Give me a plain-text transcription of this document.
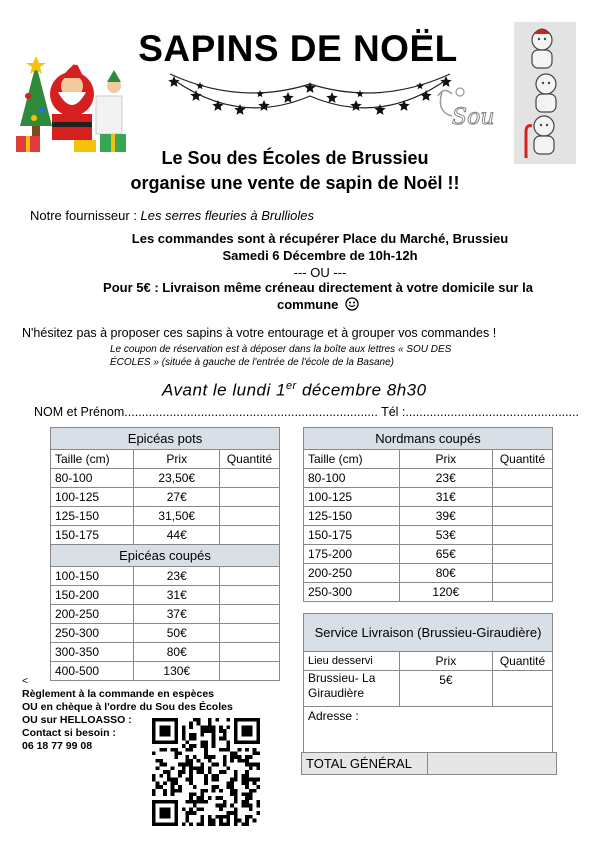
SAPINS DE NOËL
Sou
Le Sou des Écoles de Brussieu
organise une vente de sapin de Noël !!
Notre fournisseur : Les serres fleuries à Brullioles
Les commandes sont à récupérer Place du Marché, Brussieu
Samedi 6 Décembre de 10h-12h
--- OU ---
Pour 5€ : Livraison même créneau directement à votre domicile sur la
commune
N'hésitez pas à proposer ces sapins à votre entourage et à grouper vos commandes !
Le coupon de réservation est à déposer dans la boîte aux lettres « SOU DES
ÉCOLES » (située à gauche de l'entrée de l'école de la Basane)
Avant le lundi 1er décembre 8h30
NOM et Prénom......................................................................... Tél :..................................................
Epicéas pots		
Taille (cm)	Prix	Quantité
80-100	23,50€	
100-125	27€	
125-150	31,50€	
150-175	44€	
Epicéas coupés		
100-150	23€	
150-200	31€	
200-250	37€	
250-300	50€	
300-350	80€	
400-500	130€	
Nordmans coupés		
Taille (cm)	Prix	Quantité
80-100	23€	
100-125	31€	
125-150	39€	
150-175	53€	
175-200	65€	
200-250	80€	
250-300	120€	
Service Livraison (Brussieu-Giraudière)		
Lieu desservi	Prix	Quantité
Brussieu- La Giraudière	5€	
Adresse :		
TOTAL GÉNÉRAL	
<
Règlement à la commande en espèces
OU en chèque à l'ordre du Sou des Écoles
OU sur HELLOASSO :
Contact si besoin :
06 18 77 99 08
